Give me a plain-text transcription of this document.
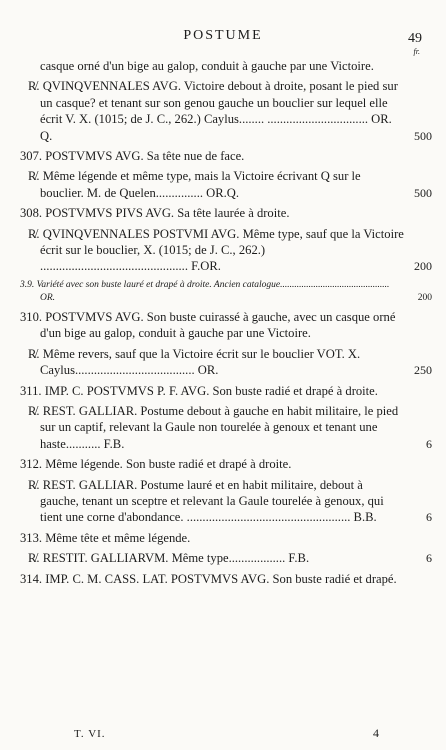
POSTUME	49
fr.
casque orné d'un bige au galop, conduit à gauche par une Victoire.
R̸. QVINQVENNALES AVG. Victoire debout à droite, posant le pied sur un casque? et tenant sur son genou gauche un bouclier sur lequel elle écrit V. X. (1015; de J. C., 262.) Caylus........ ................................ OR. Q.	500
307. POSTVMVS AVG. Sa tête nue de face.
R̸. Même légende et même type, mais la Victoire écrivant Q sur le bouclier. M. de Quelen............... OR.Q.	500
308. POSTVMVS PIVS AVG. Sa tête laurée à droite.
R̸. QVINQVENNALES POSTVMI AVG. Même type, sauf que la Victoire écrit sur le bouclier, X. (1015; de J. C., 262.) ............................................... F.OR.	200
3.9. Variété avec son buste lauré et drapé à droite. Ancien catalogue.............................................. OR.	200
310. POSTVMVS AVG. Son buste cuirassé à gauche, avec un casque orné d'un bige au galop, conduit à gauche par une Victoire.
R̸. Même revers, sauf que la Victoire écrit sur le bouclier VOT. X. Caylus...................................... OR.	250
311. IMP. C. POSTVMVS P. F. AVG. Son buste radié et drapé à droite.
R̸. REST. GALLIAR. Postume debout à gauche en habit militaire, le pied sur un captif, relevant la Gaule non tourelée à genoux et tenant une haste........... F.B.	6
312. Même légende. Son buste radié et drapé à droite.
R̸. REST. GALLIAR. Postume lauré et en habit militaire, debout à gauche, tenant un sceptre et relevant la Gaule tourelée à genoux, qui tient une corne d'abondance. .................................................... B.B.	6
313. Même tête et même légende.
R̸. RESTIT. GALLIARVM. Même type.................. F.B.	6
314. IMP. C. M. CASS. LAT. POSTVMVS AVG. Son buste radié et drapé.
T. VI.	4
